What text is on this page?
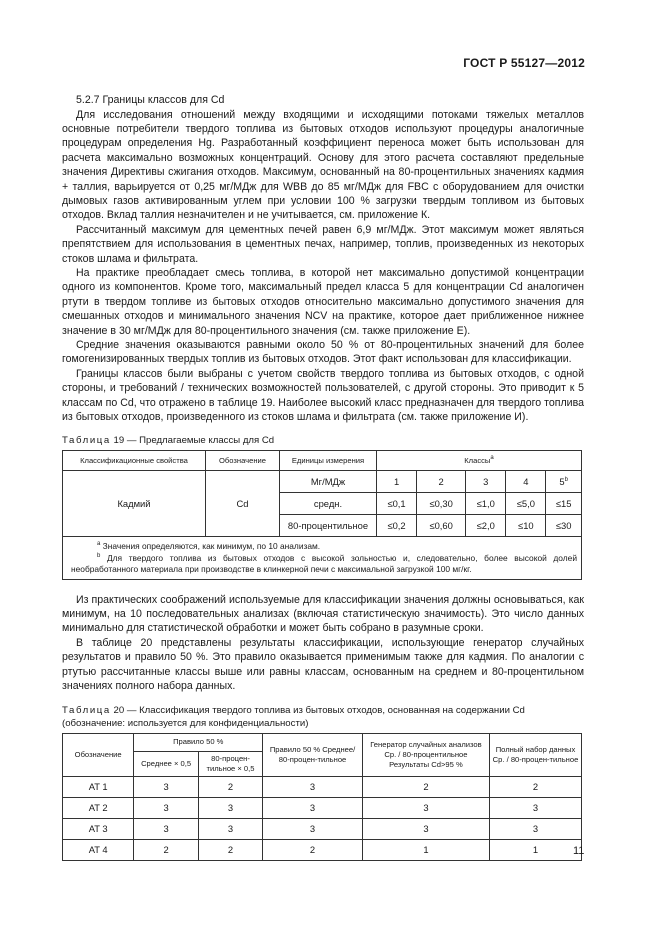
ГОСТ Р 55127—2012

5.2.7 Границы классов для Cd

Для исследования отношений между входящими и исходящими потоками тяжелых металлов основные потребители твердого топлива из бытовых отходов используют процедуры аналогичные процедурам определения Hg. Разработанный коэффициент переноса может быть использован для расчета максимально возможных концентраций. Основу для этого расчета составляют предельные значения Директивы сжигания отходов. Максимум, основанный на 80-процентильных значениях кадмия + таллия, варьируется от 0,25 мг/МДж для WBB до 85 мг/МДж для FBC с оборудованием для очистки дымовых газов активированным углем при условии 100 % загрузки твердым топливом из бытовых отходов. Вклад таллия незначителен и не учитывается, см. приложение К.

Рассчитанный максимум для цементных печей равен 6,9 мг/МДж. Этот максимум может являться препятствием для использования в цементных печах, например, топлив, произведенных из некоторых стоков шлама и фильтрата.

На практике преобладает смесь топлива, в которой нет максимально допустимой концентрации одного из компонентов. Кроме того, максимальный предел класса 5 для концентрации Cd аналогичен ртути в твердом топливе из бытовых отходов относительно максимально допустимого значения для смешанных отходов и минимального значения NCV на практике, которое дает приближенное нижнее значение в 30 мг/МДж для 80-процентильного значения (см. также приложение Е).

Средние значения оказываются равными около 50 % от 80-процентильных значений для более гомогенизированных твердых топлив из бытовых отходов. Этот факт использован для классификации.

Границы классов были выбраны с учетом свойств твердого топлива из бытовых отходов, с одной стороны, и требований / технических возможностей пользователей, с другой стороны. Это приводит к 5 классам по Cd, что отражено в таблице 19. Наиболее высокий класс предназначен для твердого топлива из бытовых отходов, произведенного из стоков шлама и фильтрата (см. также приложение И).

Таблица 19 — Предлагаемые классы для Cd
Классификационные свойства	Обозначение	Единицы измерения	Классы$^a$
Кадмий	Cd	Мг/МДж	1	2	3	4	5$^b$
		средн.	≤0,1	≤0,30	≤1,0	≤5,0	≤15
		80-процентильное	≤0,2	≤0,60	≤2,0	≤10	≤30

$^a$ Значения определяются, как минимум, по 10 анализам.
$^b$ Для твердого топлива из бытовых отходов с высокой зольностью и, следовательно, более высокой долей необработанного материала при производстве в клинкерной печи с максимальной загрузкой 100 мг/кг.							

Из практических соображений используемые для классификации значения должны основываться, как минимум, на 10 последовательных анализах (включая статистическую значимость). Это число данных минимально для статистической обработки и может быть собрано в разумные сроки.

В таблице 20 представлены результаты классификации, использующие генератор случайных результатов и правило 50 %. Это правило оказывается применимым также для кадмия. По аналогии с ртутью рассчитанные классы выше или равны классам, основанным на среднем и 80-процентильном значениях полного набора данных.

Таблица 20 — Классификация твердого топлива из бытовых отходов, основанная на содержании Cd (обозначение: используется для конфиденциальности)
Обозначение	Правило 50 %		Правило 50 % Среднее/ 80-процен-тильное	Генератор случайных анализов Ср. / 80-процентильное Результаты Cd>95 %	Полный набор данных Ср. / 80-процен-тильное
	Среднее × 0,5	80-процен-тильное × 0,5			
AT 1	3	2	3	2	2
AT 2	3	3	3	3	3
AT 3	3	3	3	3	3
AT 4	2	2	2	1	1	11
